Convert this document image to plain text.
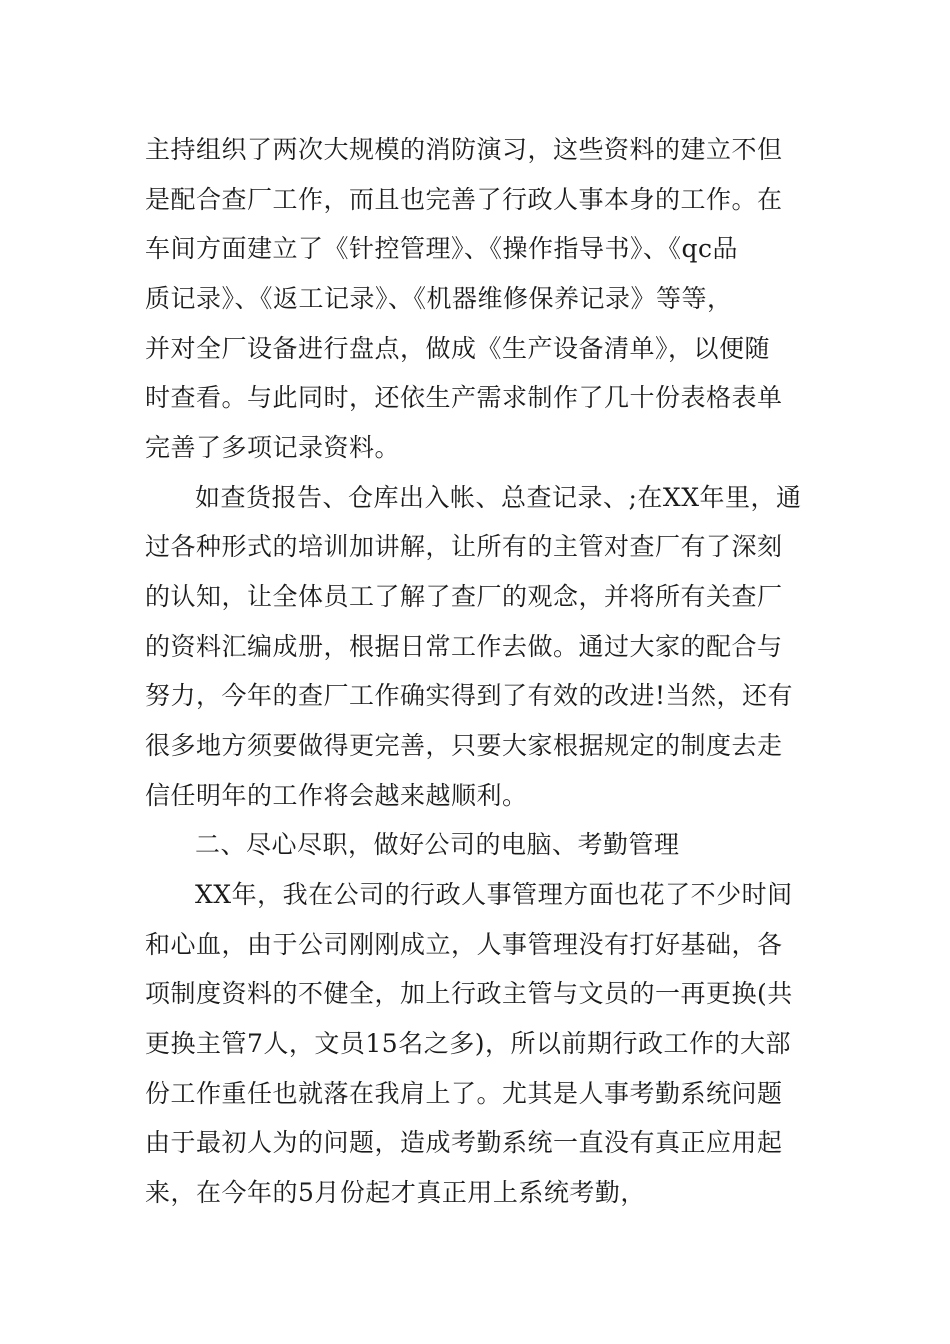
主持组织了两次大规模的消防演习，这些资料的建立不但
是配合查厂工作，而且也完善了行政人事本身的工作。在
车间方面建立了《针控管理》、《操作指导书》、《qc品
质记录》、《返工记录》、《机器维修保养记录》等等，
并对全厂设备进行盘点，做成《生产设备清单》，以便随
时查看。与此同时，还依生产需求制作了几十份表格表单
完善了多项记录资料。
如查货报告、仓库出入帐、总查记录、;在XX年里，通
过各种形式的培训加讲解，让所有的主管对查厂有了深刻
的认知，让全体员工了解了查厂的观念，并将所有关查厂
的资料汇编成册，根据日常工作去做。通过大家的配合与
努力，今年的查厂工作确实得到了有效的改进!当然，还有
很多地方须要做得更完善，只要大家根据规定的制度去走
信任明年的工作将会越来越顺利。
二、尽心尽职，做好公司的电脑、考勤管理
XX年，我在公司的行政人事管理方面也花了不少时间
和心血，由于公司刚刚成立，人事管理没有打好基础，各
项制度资料的不健全，加上行政主管与文员的一再更换(共
更换主管7人，文员15名之多)，所以前期行政工作的大部
份工作重任也就落在我肩上了。尤其是人事考勤系统问题
由于最初人为的问题，造成考勤系统一直没有真正应用起
来，在今年的5月份起才真正用上系统考勤，
